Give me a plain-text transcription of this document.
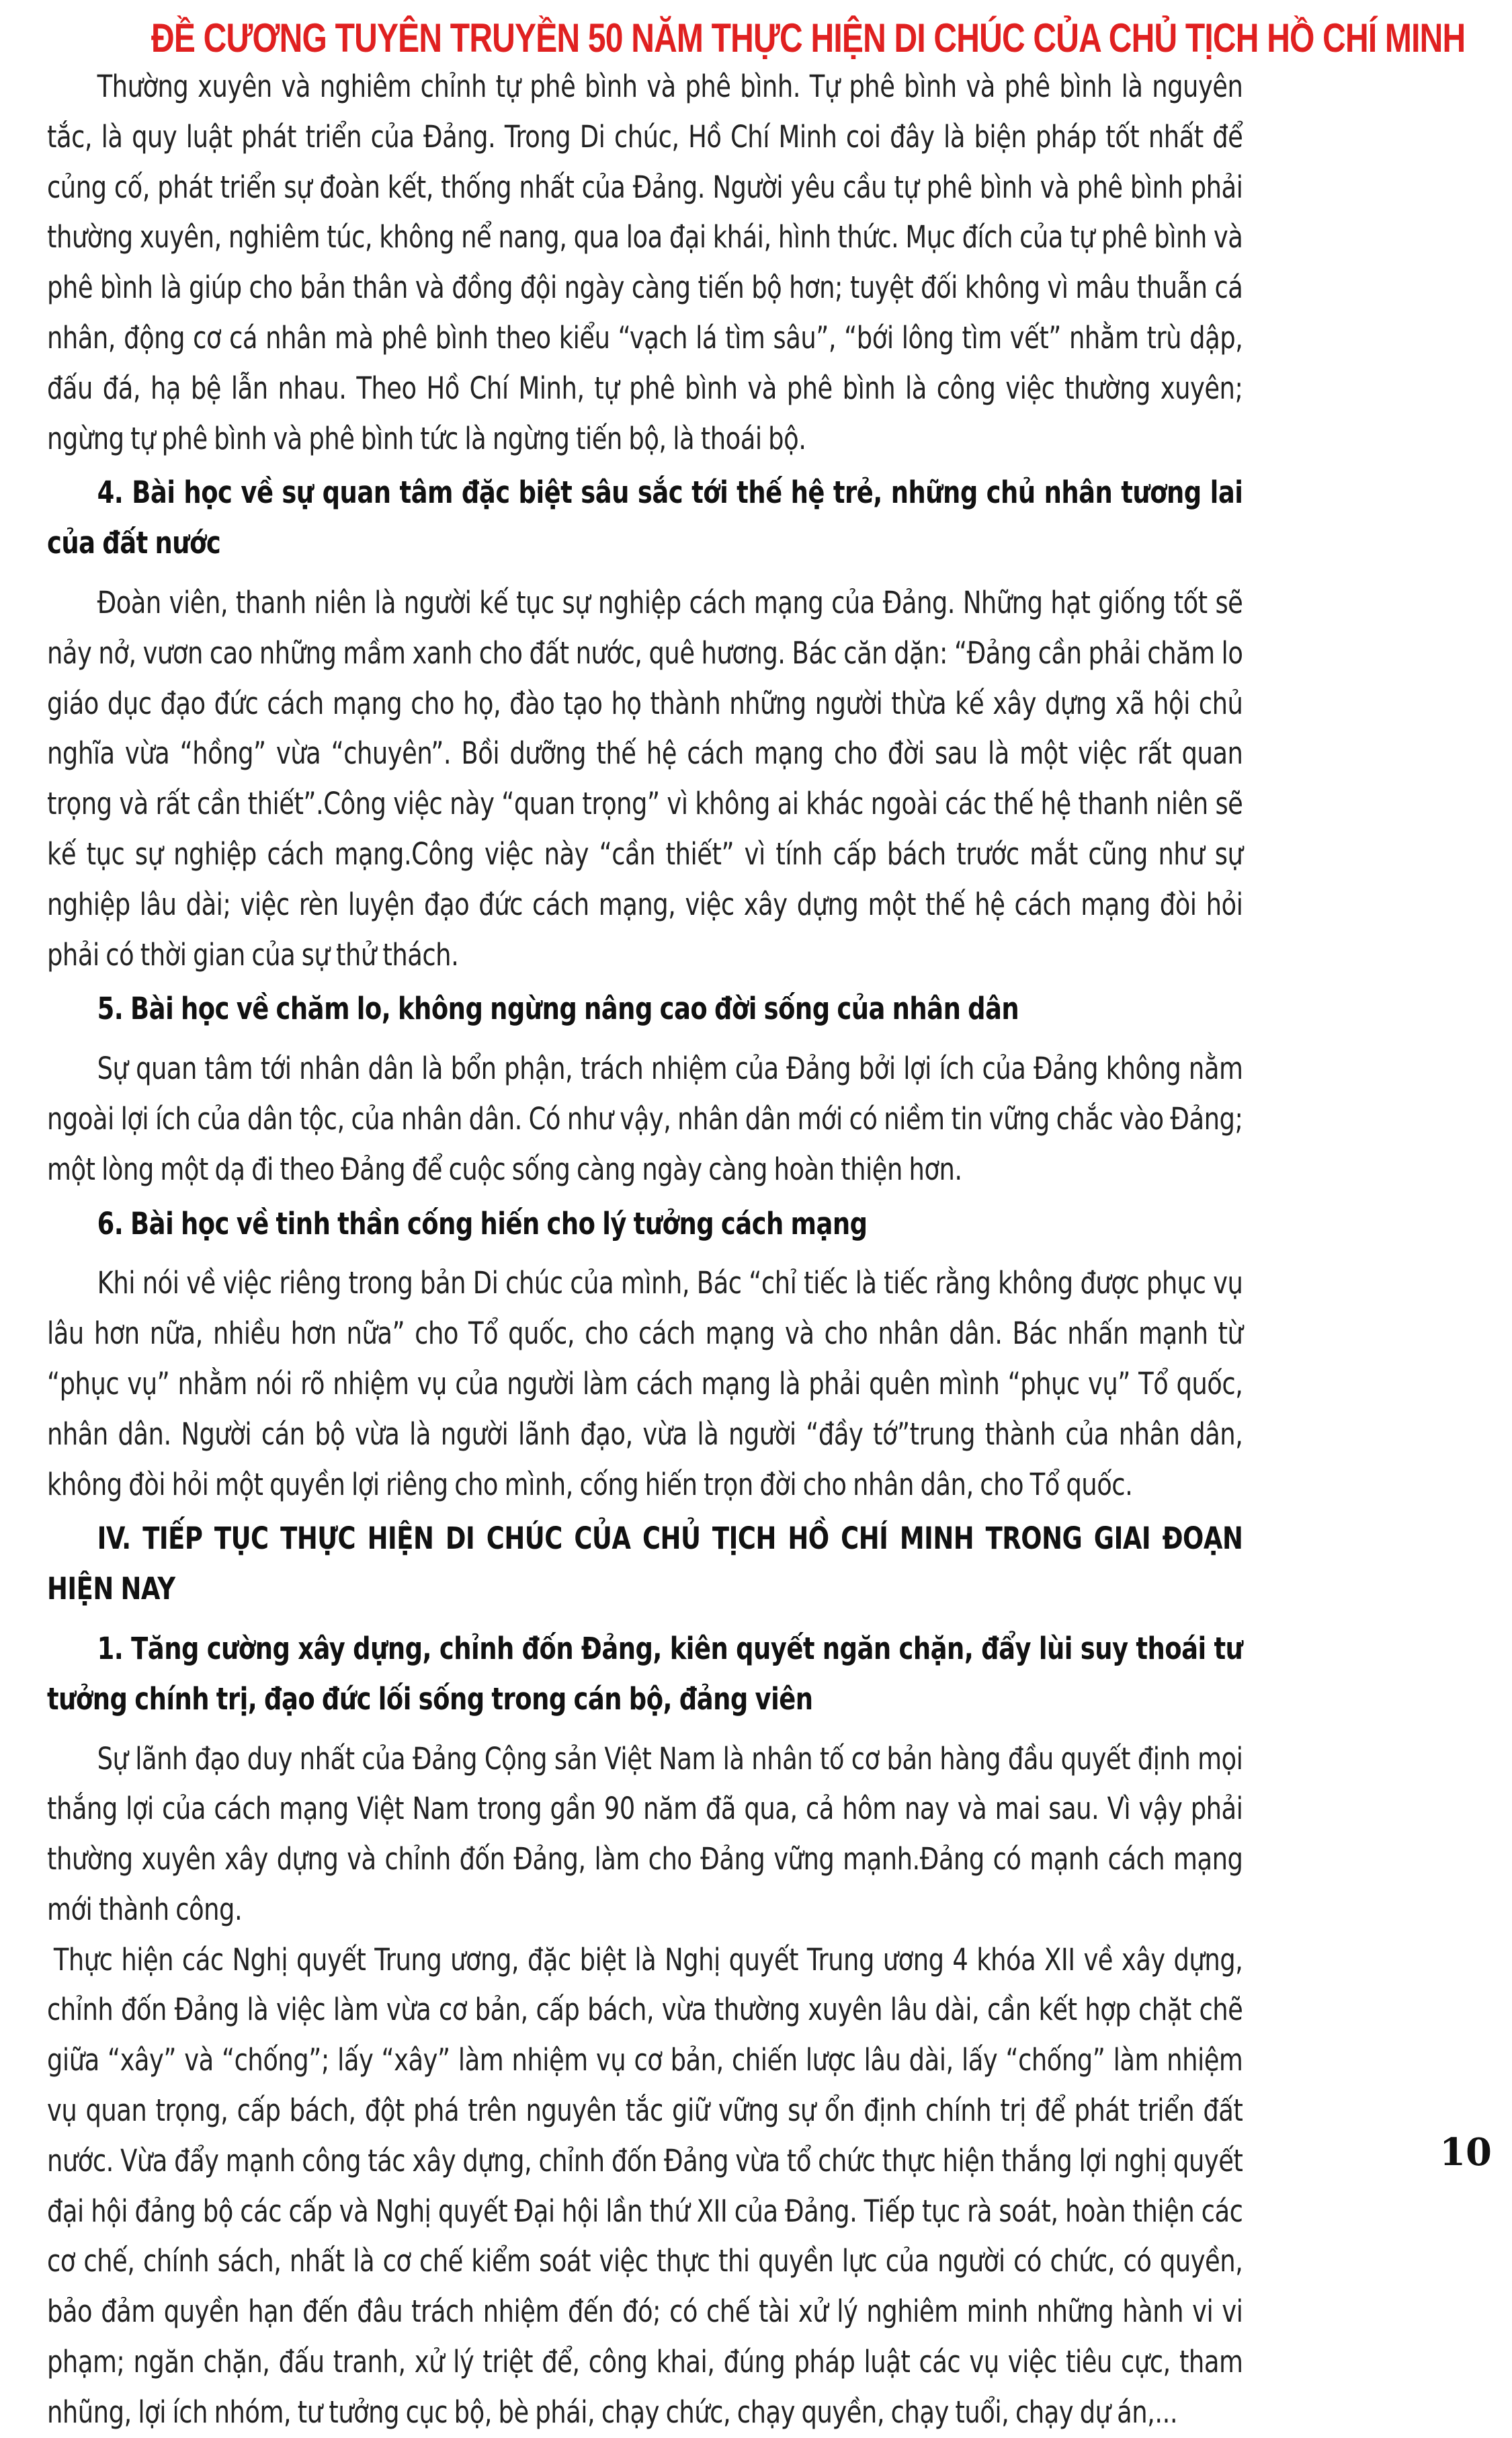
ĐỀ CƯƠNG TUYÊN TRUYỀN 50 NĂM THỰC HIỆN DI CHÚC CỦA CHỦ TỊCH HỒ CHÍ MINH

Thường xuyên và nghiêm chỉnh tự phê bình và phê bình. Tự phê bình và phê bình là nguyên tắc, là quy luật phát triển của Đảng. Trong Di chúc, Hồ Chí Minh coi đây là biện pháp tốt nhất để củng cố, phát triển sự đoàn kết, thống nhất của Đảng. Người yêu cầu tự phê bình và phê bình phải thường xuyên, nghiêm túc, không nể nang, qua loa đại khái, hình thức. Mục đích của tự phê bình và phê bình là giúp cho bản thân và đồng đội ngày càng tiến bộ hơn; tuyệt đối không vì mâu thuẫn cá nhân, động cơ cá nhân mà phê bình theo kiểu “vạch lá tìm sâu”, “bới lông tìm vết” nhằm trù dập, đấu đá, hạ bệ lẫn nhau. Theo Hồ Chí Minh, tự phê bình và phê bình là công việc thường xuyên; ngừng tự phê bình và phê bình tức là ngừng tiến bộ, là thoái bộ.

4. Bài học về sự quan tâm đặc biệt sâu sắc tới thế hệ trẻ, những chủ nhân tương lai của đất nước

Đoàn viên, thanh niên là người kế tục sự nghiệp cách mạng của Đảng. Những hạt giống tốt sẽ nảy nở, vươn cao những mầm xanh cho đất nước, quê hương. Bác căn dặn: “Đảng cần phải chăm lo giáo dục đạo đức cách mạng cho họ, đào tạo họ thành những người thừa kế xây dựng xã hội chủ nghĩa vừa “hồng” vừa “chuyên”. Bồi dưỡng thế hệ cách mạng cho đời sau là một việc rất quan trọng và rất cần thiết”.Công việc này “quan trọng” vì không ai khác ngoài các thế hệ thanh niên sẽ kế tục sự nghiệp cách mạng.Công việc này “cần thiết” vì tính cấp bách trước mắt cũng như sự nghiệp lâu dài; việc rèn luyện đạo đức cách mạng, việc xây dựng một thế hệ cách mạng đòi hỏi phải có thời gian của sự thử thách.

5. Bài học về chăm lo, không ngừng nâng cao đời sống của nhân dân

Sự quan tâm tới nhân dân là bổn phận, trách nhiệm của Đảng bởi lợi ích của Đảng không nằm ngoài lợi ích của dân tộc, của nhân dân. Có như vậy, nhân dân mới có niềm tin vững chắc vào Đảng; một lòng một dạ đi theo Đảng để cuộc sống càng ngày càng hoàn thiện hơn.

6. Bài học về tinh thần cống hiến cho lý tưởng cách mạng

Khi nói về việc riêng trong bản Di chúc của mình, Bác “chỉ tiếc là tiếc rằng không được phục vụ lâu hơn nữa, nhiều hơn nữa” cho Tổ quốc, cho cách mạng và cho nhân dân. Bác nhấn mạnh từ “phục vụ” nhằm nói rõ nhiệm vụ của người làm cách mạng là phải quên mình “phục vụ” Tổ quốc, nhân dân. Người cán bộ vừa là người lãnh đạo, vừa là người “đầy tớ”trung thành của nhân dân, không đòi hỏi một quyền lợi riêng cho mình, cống hiến trọn đời cho nhân dân, cho Tổ quốc.

IV. TIẾP TỤC THỰC HIỆN DI CHÚC CỦA CHỦ TỊCH HỒ CHÍ MINH TRONG GIAI ĐOẠN HIỆN NAY

1. Tăng cường xây dựng, chỉnh đốn Đảng, kiên quyết ngăn chặn, đẩy lùi suy thoái tư tưởng chính trị, đạo đức lối sống trong cán bộ, đảng viên

Sự lãnh đạo duy nhất của Đảng Cộng sản Việt Nam là nhân tố cơ bản hàng đầu quyết định mọi thắng lợi của cách mạng Việt Nam trong gần 90 năm đã qua, cả hôm nay và mai sau. Vì vậy phải thường xuyên xây dựng và chỉnh đốn Đảng, làm cho Đảng vững mạnh.Đảng có mạnh cách mạng mới thành công.

Thực hiện các Nghị quyết Trung ương, đặc biệt là Nghị quyết Trung ương 4 khóa XII về xây dựng, chỉnh đốn Đảng là việc làm vừa cơ bản, cấp bách, vừa thường xuyên lâu dài, cần kết hợp chặt chẽ giữa “xây” và “chống”; lấy “xây” làm nhiệm vụ cơ bản, chiến lược lâu dài, lấy “chống” làm nhiệm vụ quan trọng, cấp bách, đột phá trên nguyên tắc giữ vững sự ổn định chính trị để phát triển đất nước. Vừa đẩy mạnh công tác xây dựng, chỉnh đốn Đảng vừa tổ chức thực hiện thắng lợi nghị quyết đại hội đảng bộ các cấp và Nghị quyết Đại hội lần thứ XII của Đảng. Tiếp tục rà soát, hoàn thiện các cơ chế, chính sách, nhất là cơ chế kiểm soát việc thực thi quyền lực của người có chức, có quyền, bảo đảm quyền hạn đến đâu trách nhiệm đến đó; có chế tài xử lý nghiêm minh những hành vi vi phạm; ngăn chặn, đấu tranh, xử lý triệt để, công khai, đúng pháp luật các vụ việc tiêu cực, tham nhũng, lợi ích nhóm, tư tưởng cục bộ, bè phái, chạy chức, chạy quyền, chạy tuổi, chạy dự án,...

10
